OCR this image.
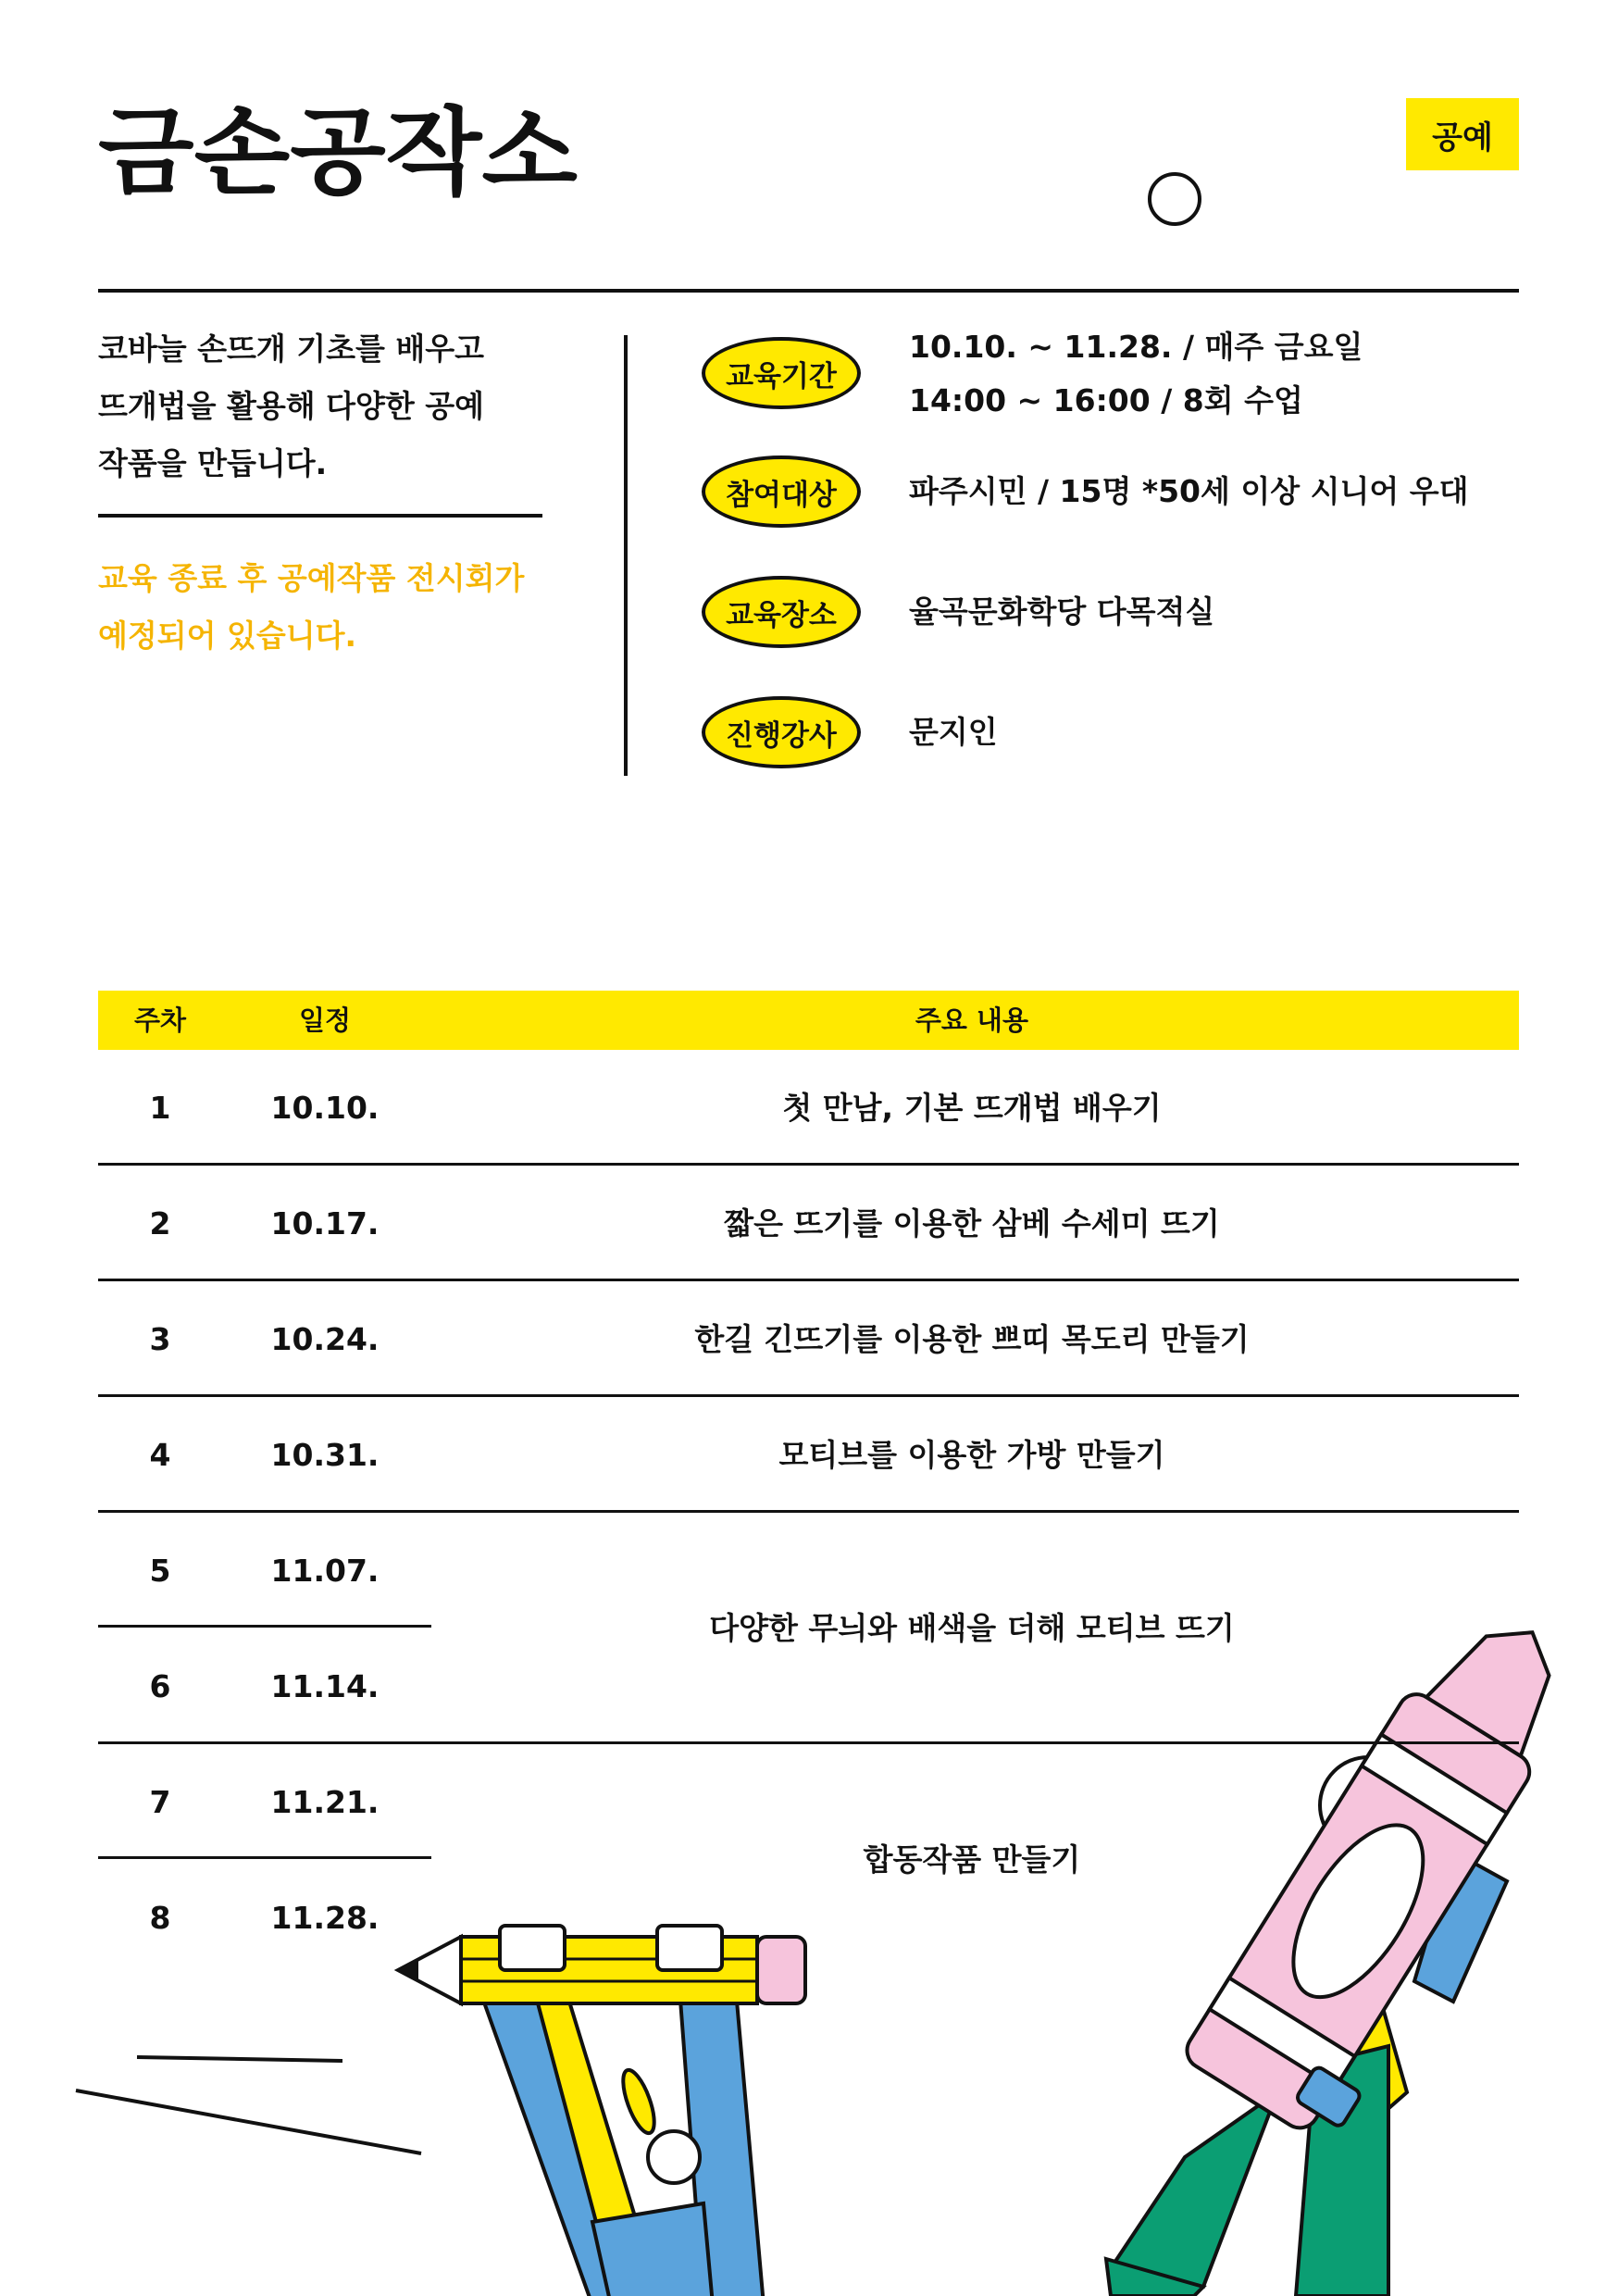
금손공작소	공예

코바늘 손뜨개 기초를 배우고
뜨개법을 활용해 다양한 공예
작품을 만듭니다.

교육 종료 후 공예작품 전시회가
예정되어 있습니다.

교육기간

10.10. ~ 11.28. / 매주 금요일
14:00 ~ 16:00 / 8회 수업

참여대상	파주시민 / 15명 *50세 이상 시니어 우대

교육장소	율곡문화학당 다목적실

진행강사	문지인

주차	일정	주요 내용
1	10.10.	첫 만남, 기본 뜨개법 배우기
2	10.17.	짧은 뜨기를 이용한 삼베 수세미 뜨기
3	10.24.	한길 긴뜨기를 이용한 쁘띠 목도리 만들기
4	10.31.	모티브를 이용한 가방 만들기
5	11.07.
6	11.14.
다양한 무늬와 배색을 더해 모티브 뜨기
7	11.21.
8	11.28.
합동작품 만들기
